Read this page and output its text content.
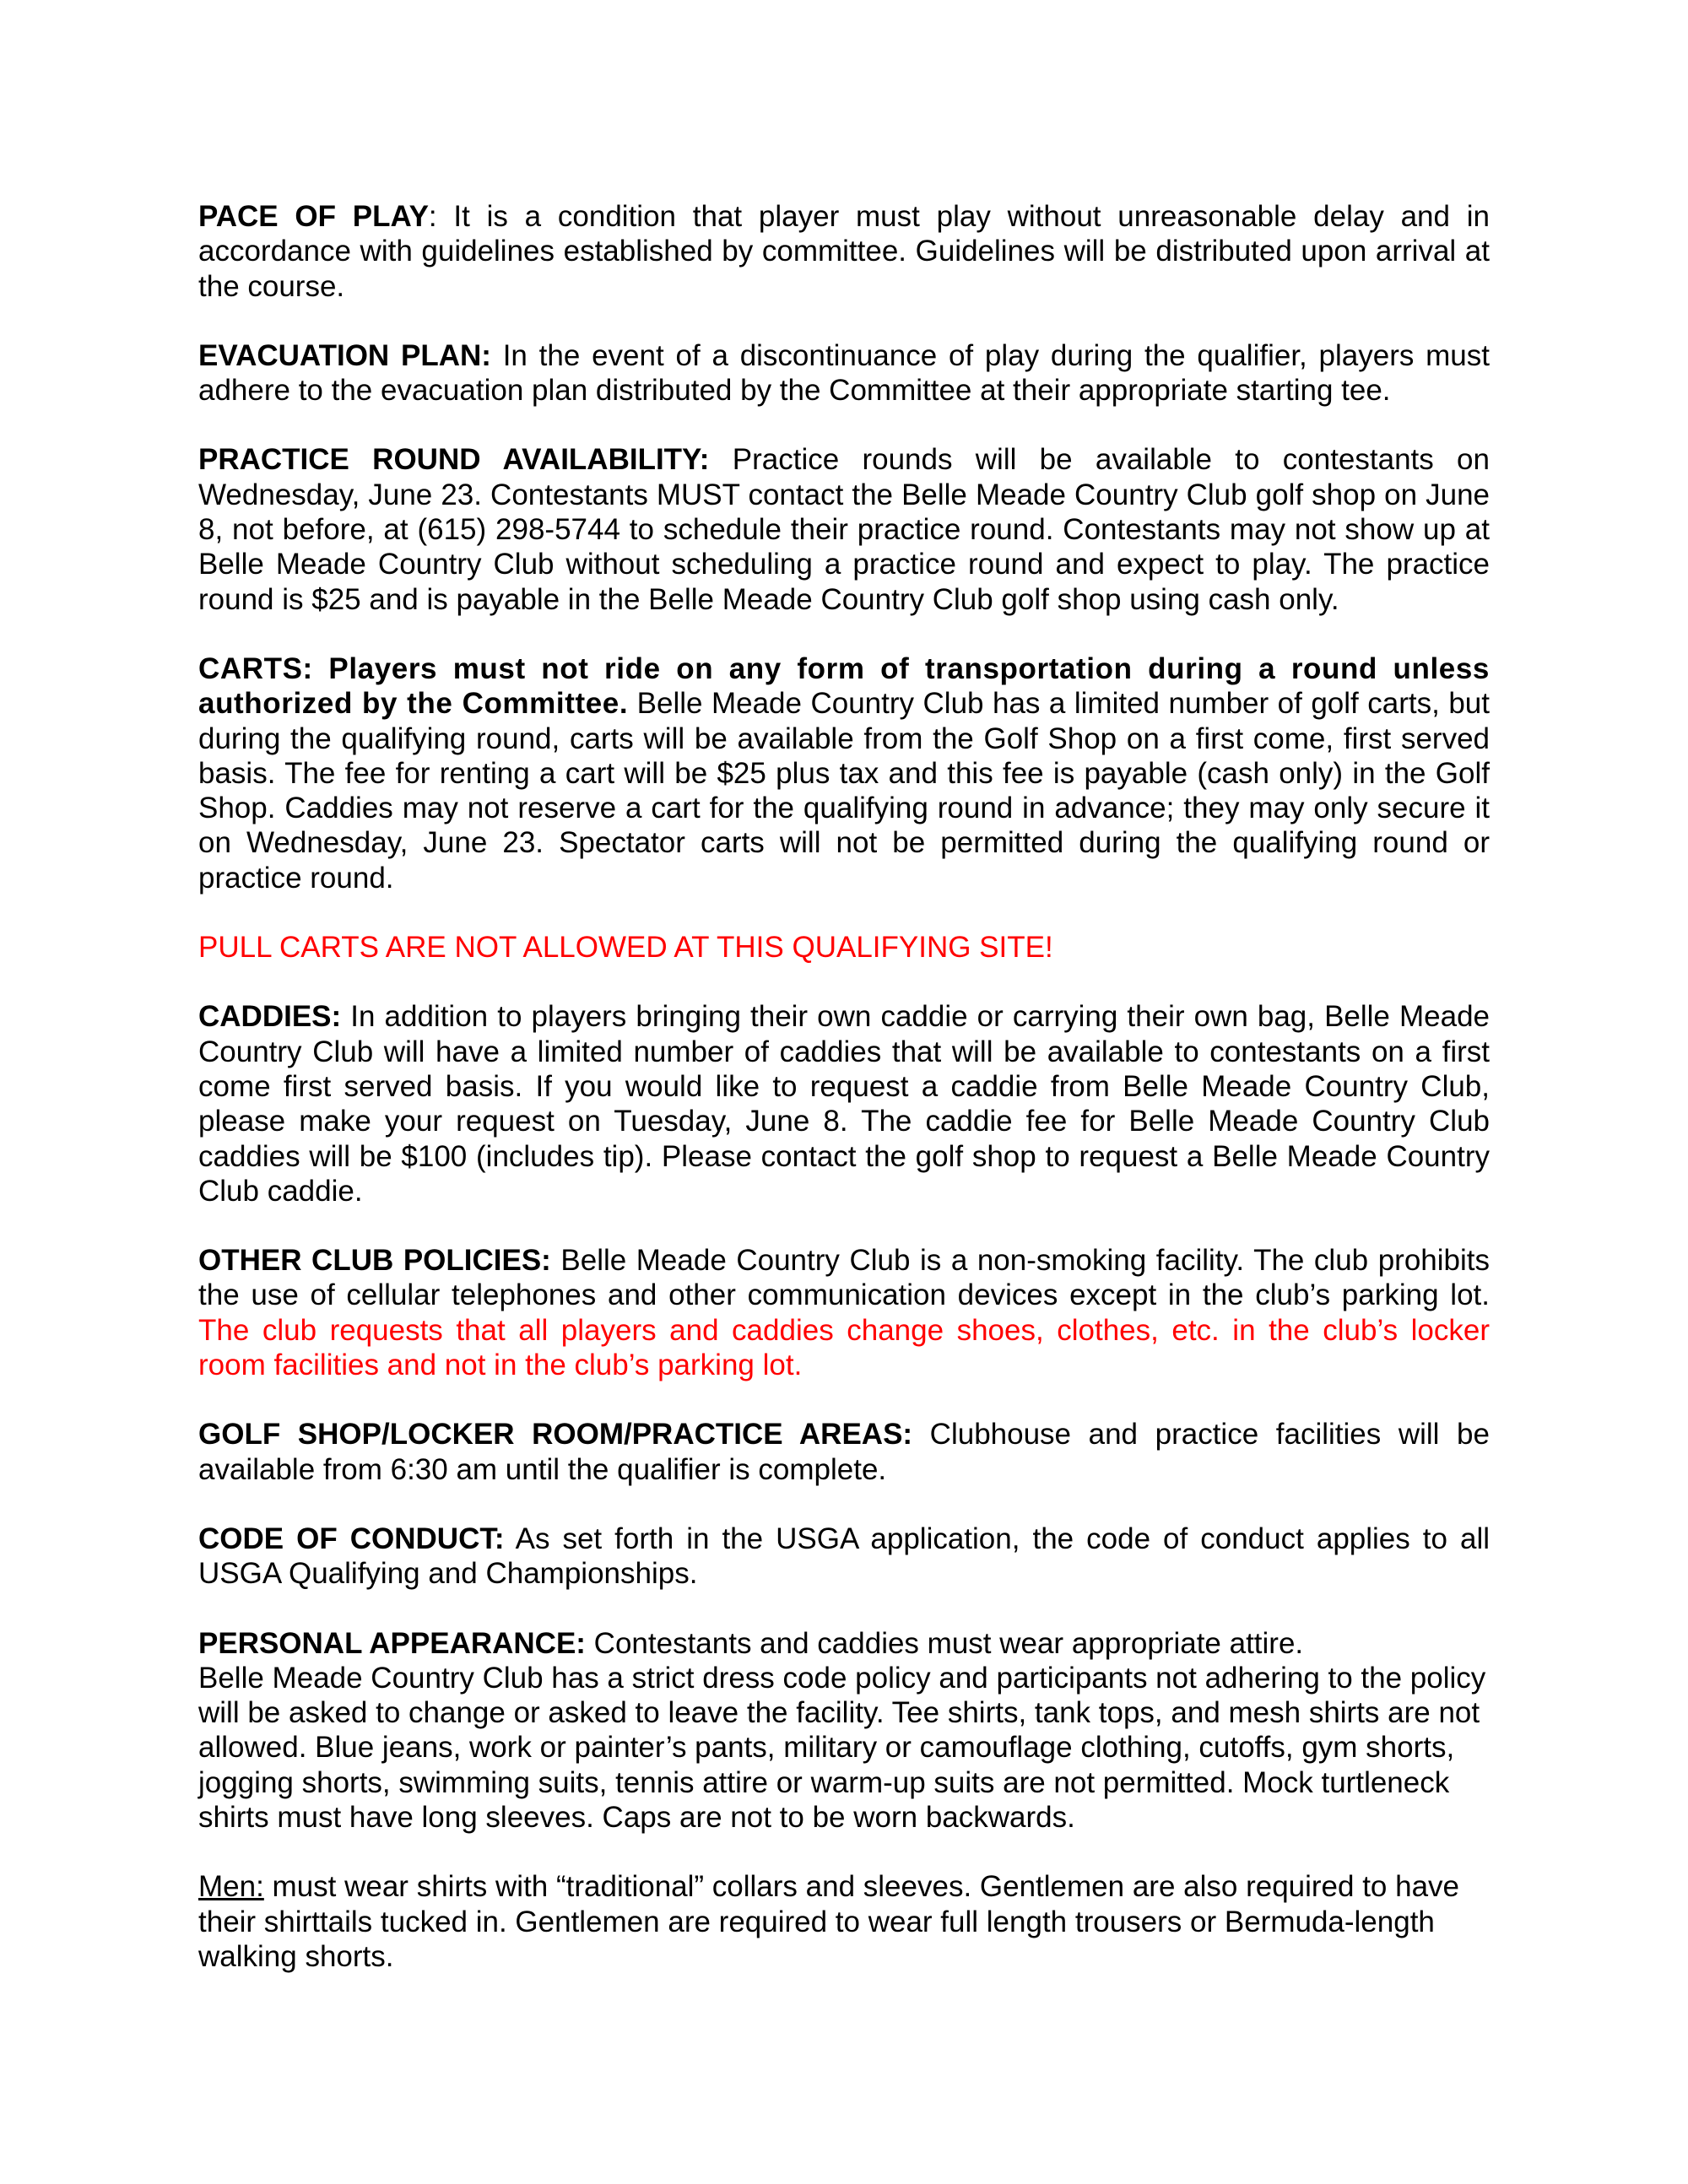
PACE OF PLAY: It is a condition that player must play without unreasonable delay and in accordance with guidelines established by committee. Guidelines will be distributed upon arrival at the course.

EVACUATION PLAN: In the event of a discontinuance of play during the qualifier, players must adhere to the evacuation plan distributed by the Committee at their appropriate starting tee.

PRACTICE ROUND AVAILABILITY: Practice rounds will be available to contestants on Wednesday, June 23. Contestants MUST contact the Belle Meade Country Club golf shop on June 8, not before, at (615) 298-5744 to schedule their practice round. Contestants may not show up at Belle Meade Country Club without scheduling a practice round and expect to play. The practice round is $25 and is payable in the Belle Meade Country Club golf shop using cash only.

CARTS: Players must not ride on any form of transportation during a round unless authorized by the Committee. Belle Meade Country Club has a limited number of golf carts, but during the qualifying round, carts will be available from the Golf Shop on a first come, first served basis. The fee for renting a cart will be $25 plus tax and this fee is payable (cash only) in the Golf Shop. Caddies may not reserve a cart for the qualifying round in advance; they may only secure it on Wednesday, June 23. Spectator carts will not be permitted during the qualifying round or practice round.

PULL CARTS ARE NOT ALLOWED AT THIS QUALIFYING SITE!

CADDIES: In addition to players bringing their own caddie or carrying their own bag, Belle Meade Country Club will have a limited number of caddies that will be available to contestants on a first come first served basis. If you would like to request a caddie from Belle Meade Country Club, please make your request on Tuesday, June 8. The caddie fee for Belle Meade Country Club caddies will be $100 (includes tip). Please contact the golf shop to request a Belle Meade Country Club caddie.

OTHER CLUB POLICIES: Belle Meade Country Club is a non-smoking facility. The club prohibits the use of cellular telephones and other communication devices except in the club’s parking lot. The club requests that all players and caddies change shoes, clothes, etc. in the club’s locker room facilities and not in the club’s parking lot.

GOLF SHOP/LOCKER ROOM/PRACTICE AREAS: Clubhouse and practice facilities will be available from 6:30 am until the qualifier is complete.

CODE OF CONDUCT: As set forth in the USGA application, the code of conduct applies to all USGA Qualifying and Championships.

PERSONAL APPEARANCE: Contestants and caddies must wear appropriate attire.

Belle Meade Country Club has a strict dress code policy and participants not adhering to the policy will be asked to change or asked to leave the facility. Tee shirts, tank tops, and mesh shirts are not allowed. Blue jeans, work or painter’s pants, military or camouflage clothing, cutoffs, gym shorts, jogging shorts, swimming suits, tennis attire or warm-up suits are not permitted. Mock turtleneck shirts must have long sleeves. Caps are not to be worn backwards.

Men: must wear shirts with “traditional” collars and sleeves. Gentlemen are also required to have their shirttails tucked in. Gentlemen are required to wear full length trousers or Bermuda-length walking shorts.
